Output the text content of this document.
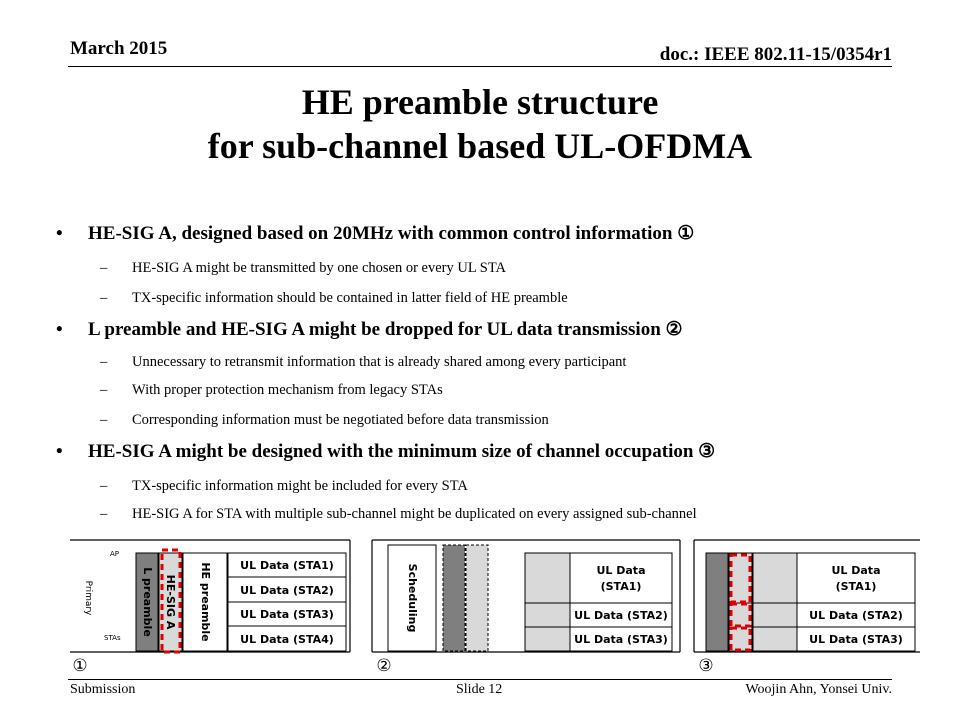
March 2015	doc.: IEEE 802.11-15/0354r1
HE preamble structure
for sub-channel based UL-OFDMA
• HE-SIG A, designed based on 20MHz with common control information ①
– HE-SIG A might be transmitted by one chosen or every UL STA
– TX-specific information should be contained in latter field of HE preamble
• L preamble and HE-SIG A might be dropped for UL data transmission ②
– Unnecessary to retransmit information that is already shared among every participant
– With proper protection mechanism from legacy STAs
– Corresponding information must be negotiated before data transmission
• HE-SIG A might be designed with the minimum size of channel occupation ③
– TX-specific information might be included for every STA
– HE-SIG A for STA with multiple sub-channel might be duplicated on every assigned sub-channel
AP
STAs
Primary	L preamble HE-SIG A HE preamble	UL Data (STA1)
UL Data (STA2)
UL Data (STA3)
UL Data (STA4)
①
Scheduling	UL Data
(STA1)
UL Data (STA2)
UL Data (STA3)
②
UL Data
(STA1)
UL Data (STA2)
UL Data (STA3)
③
Submission	Slide 12	Woojin Ahn, Yonsei Univ.
